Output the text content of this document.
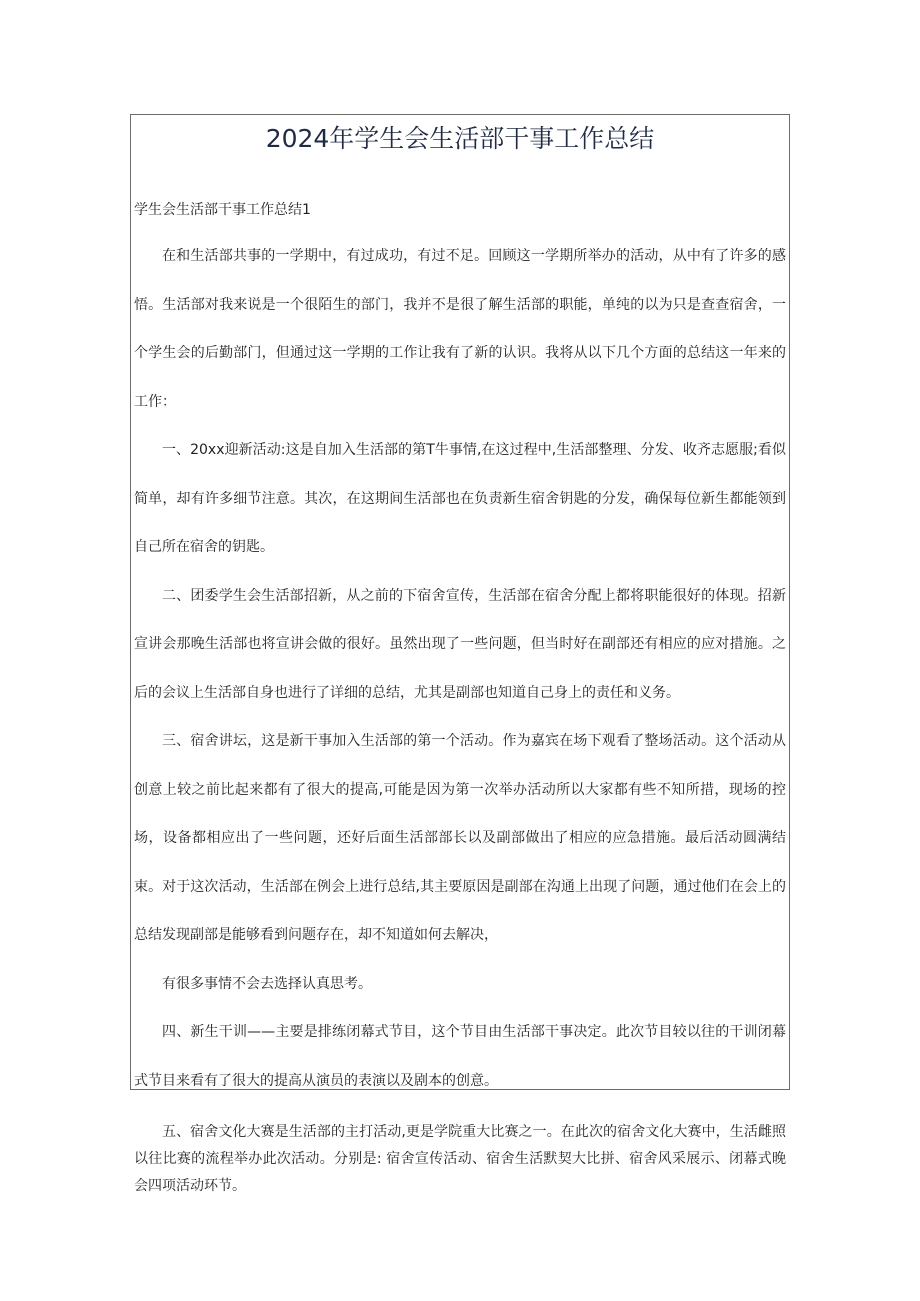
2024年学生会生活部干事工作总结
学生会生活部干事工作总结1

在和生活部共事的一学期中，有过成功，有过不足。回顾这一学期所举办的活动，从中有了许多的感悟。生活部对我来说是一个很陌生的部门，我并不是很了解生活部的职能，单纯的以为只是查查宿舍，一个学生会的后勤部门，但通过这一学期的工作让我有了新的认识。我将从以下几个方面的总结这一年来的工作：

一、20xx迎新活动:这是自加入生活部的第T牛事情,在这过程中,生活部整理、分发、收齐志愿服;看似简单，却有许多细节注意。其次，在这期间生活部也在负责新生宿舍钥匙的分发，确保每位新生都能领到自己所在宿舍的钥匙。

二、团委学生会生活部招新，从之前的下宿舍宣传，生活部在宿舍分配上都将职能很好的体现。招新宣讲会那晚生活部也将宣讲会做的很好。虽然出现了一些问题，但当时好在副部还有相应的应对措施。之后的会议上生活部自身也进行了详细的总结，尤其是副部也知道自己身上的责任和义务。

三、宿舍讲坛，这是新干事加入生活部的第一个活动。作为嘉宾在场下观看了整场活动。这个活动从创意上较之前比起来都有了很大的提高,可能是因为第一次举办活动所以大家都有些不知所措，现场的控场，设备都相应出了一些问题，还好后面生活部部长以及副部做出了相应的应急措施。最后活动圆满结束。对于这次活动，生活部在例会上进行总结,其主要原因是副部在沟通上出现了问题，通过他们在会上的总结发现副部是能够看到问题存在，却不知道如何去解决，

有很多事情不会去选择认真思考。

四、新生干训——主要是排练闭幕式节目，这个节目由生活部干事决定。此次节目较以往的干训闭幕式节目来看有了很大的提高从演员的表演以及剧本的创意。

五、宿舍文化大赛是生活部的主打活动,更是学院重大比赛之一。在此次的宿舍文化大赛中，生活雌照以往比赛的流程举办此次活动。分别是: 宿舍宣传活动、宿舍生活默契大比拼、宿舍风采展示、闭幕式晚会四项活动环节。
